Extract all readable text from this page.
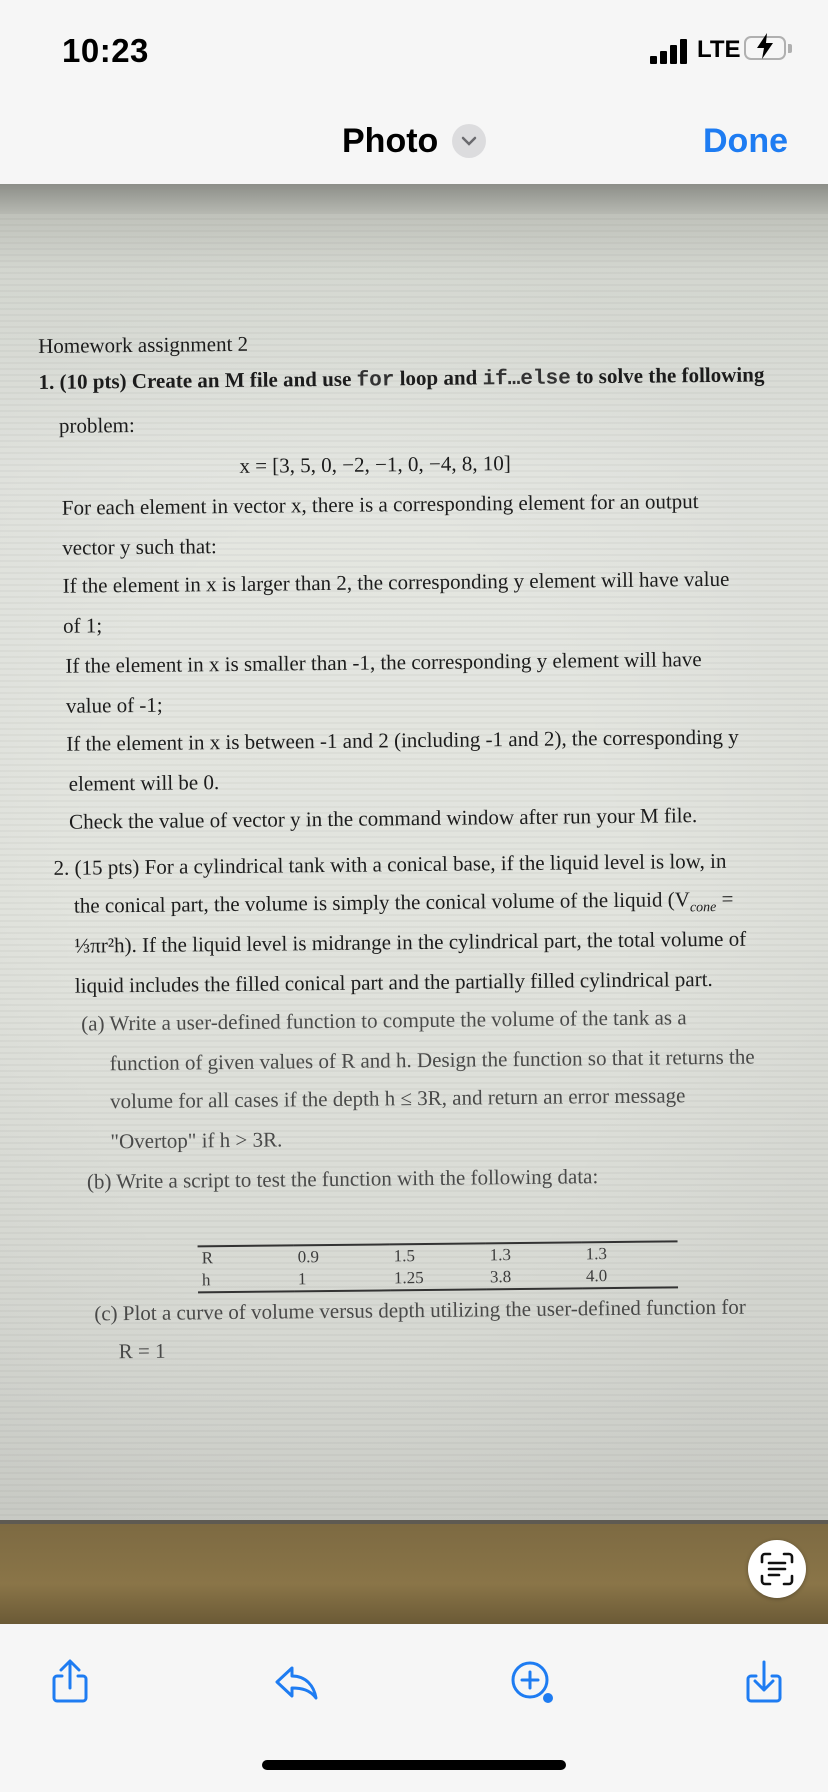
10:23	LTE
Photo	Done
Homework assignment 2
1. (10 pts) Create an M file and use for loop and if…else to solve the following
problem:
x = [3, 5, 0, −2, −1, 0, −4, 8, 10]
For each element in vector x, there is a corresponding element for an output
vector y such that:
If the element in x is larger than 2, the corresponding y element will have value
of 1;
If the element in x is smaller than -1, the corresponding y element will have
value of -1;
If the element in x is between -1 and 2 (including -1 and 2), the corresponding y
element will be 0.
Check the value of vector y in the command window after run your M file.
2. (15 pts) For a cylindrical tank with a conical base, if the liquid level is low, in
the conical part, the volume is simply the conical volume of the liquid ($V_{cone}$ =
⅓πr²h). If the liquid level is midrange in the cylindrical part, the total volume of
liquid includes the filled conical part and the partially filled cylindrical part.
(a) Write a user-defined function to compute the volume of the tank as a
function of given values of R and h. Design the function so that it returns the
volume for all cases if the depth h ≤ 3R, and return an error message
"Overtop" if h > 3R.
(b) Write a script to test the function with the following data:
R	0.9	1.5	1.3	1.3
h	1	1.25	3.8	4.0
(c) Plot a curve of volume versus depth utilizing the user-defined function for
R = 1
